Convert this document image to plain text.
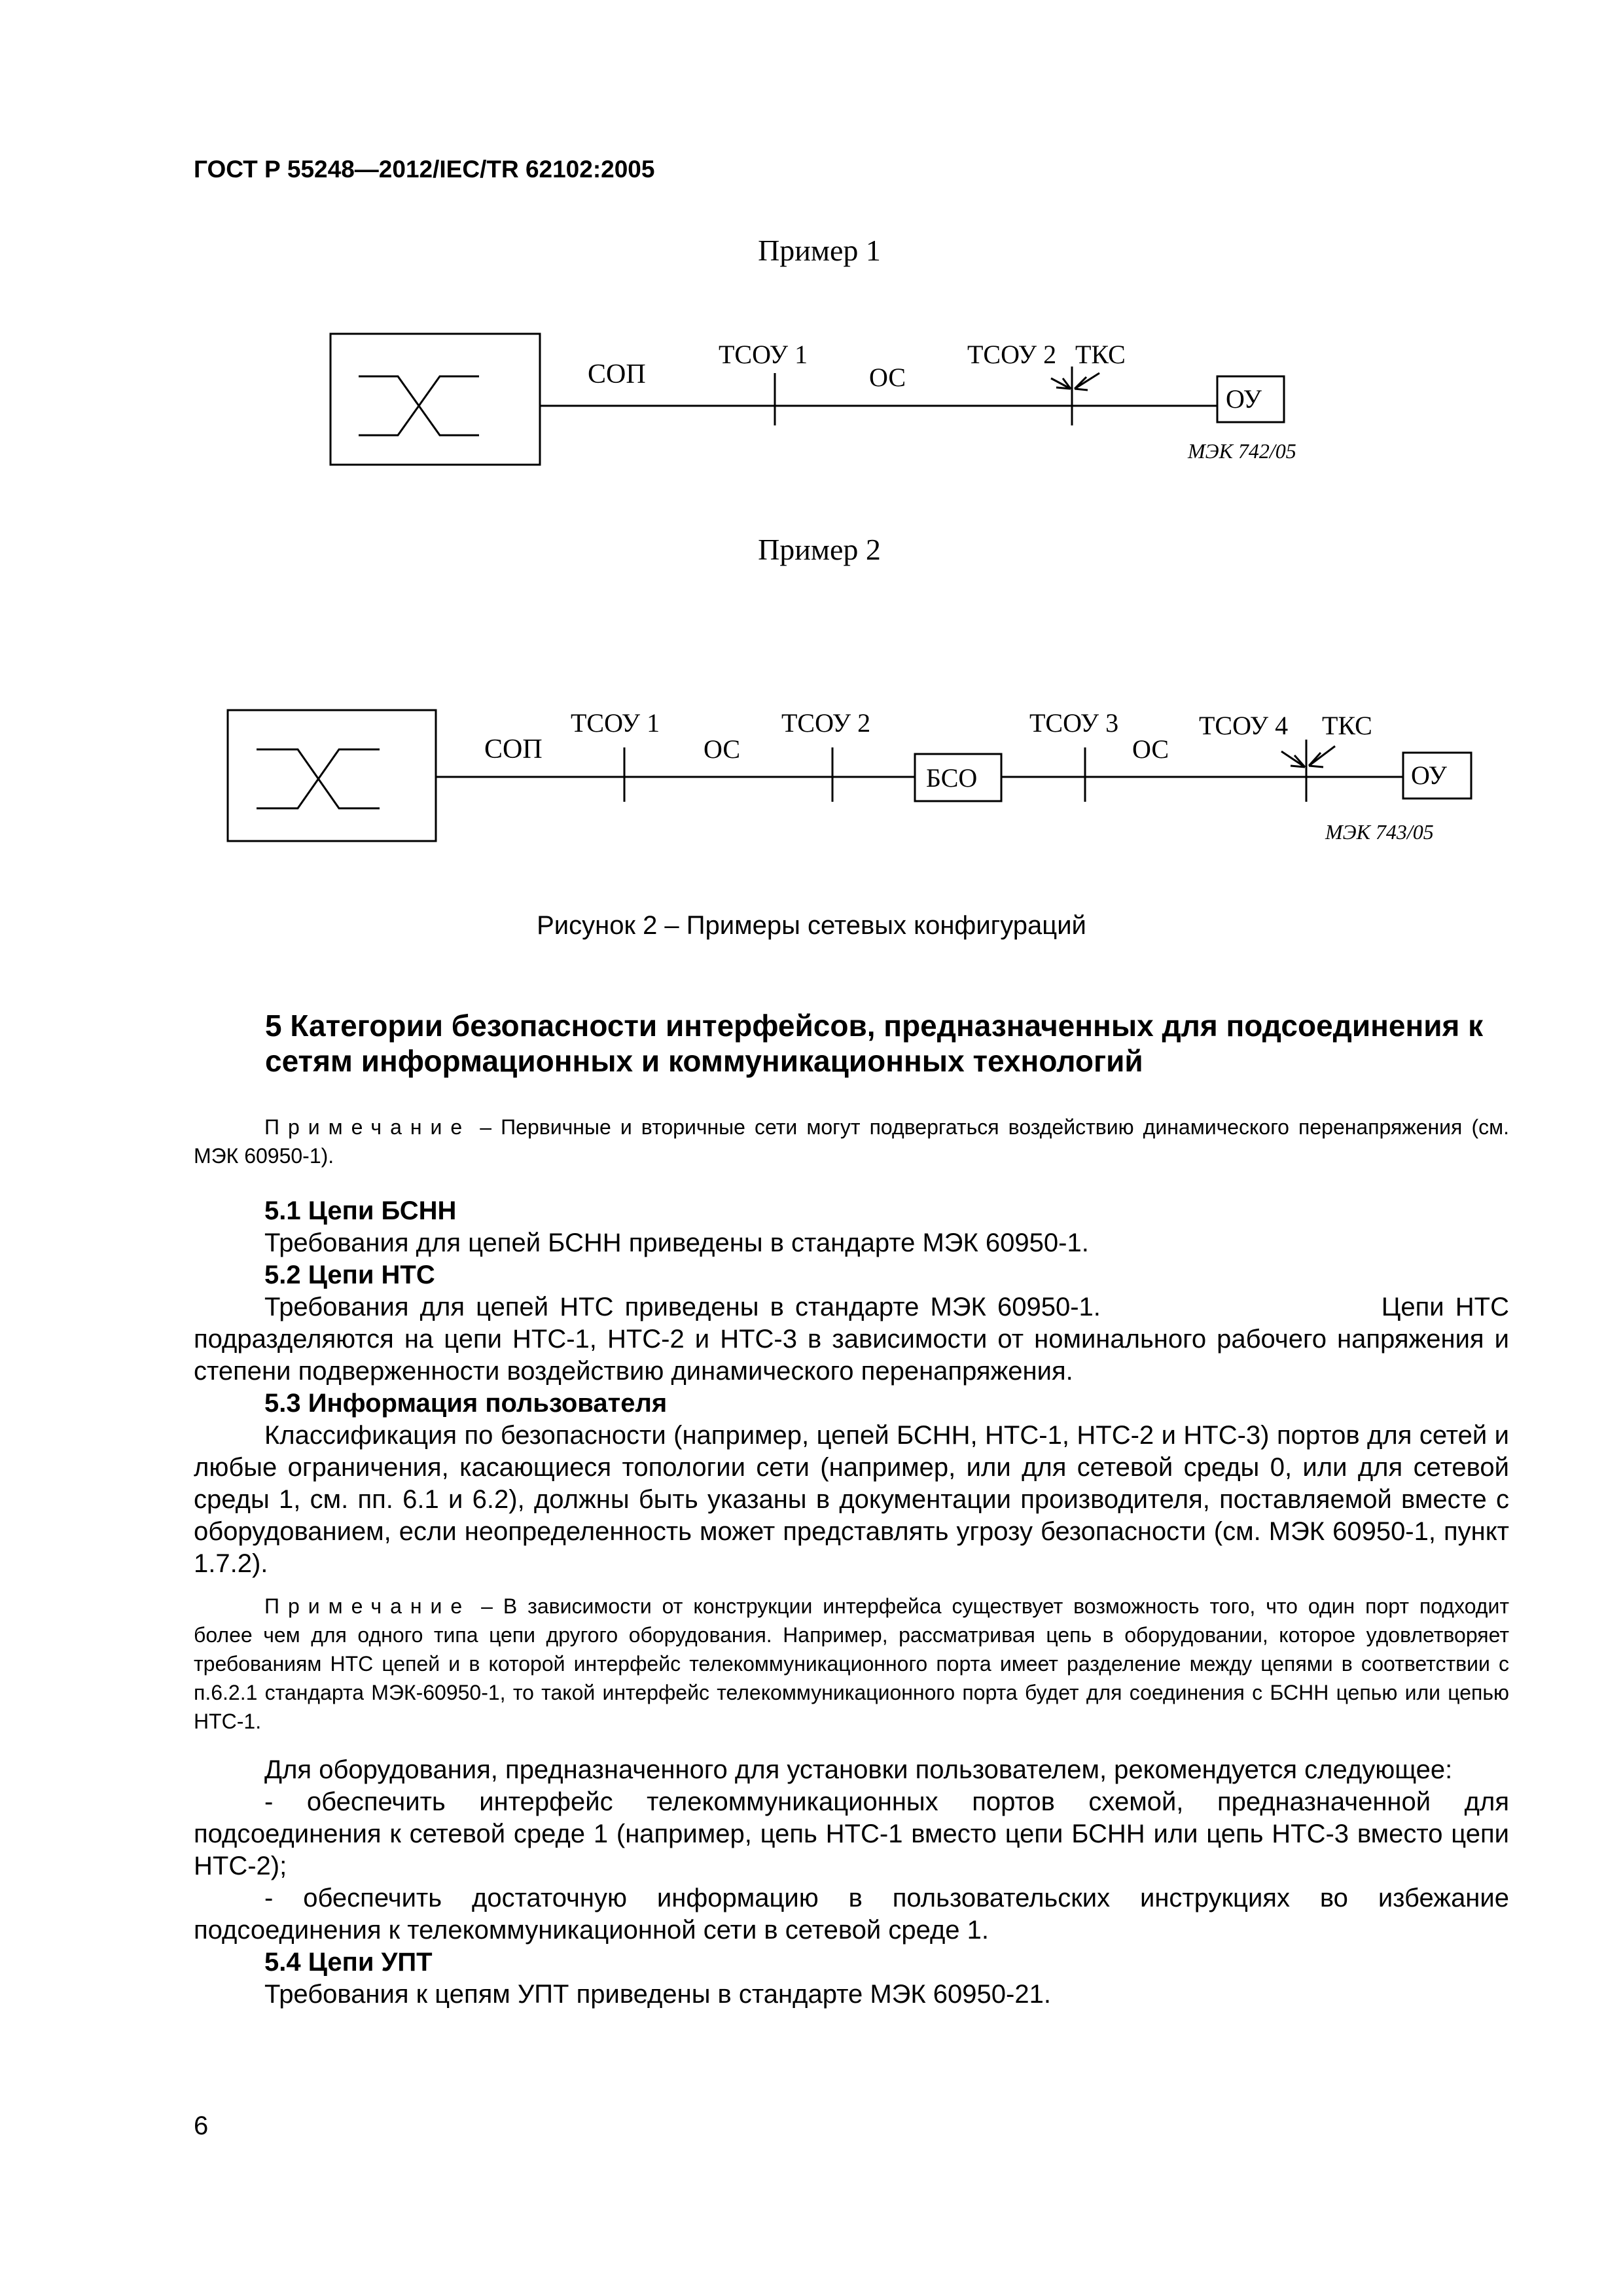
ГОСТ Р 55248—2012/IEC/TR 62102:2005
Пример 1
СОП
ТСОУ 1
ОС
ТСОУ 2 ТКС
ОУ
МЭК 742/05
Пример 2
СОП
ТСОУ 1
ОС
ТСОУ 2
БСО
ТСОУ 3
ОС
ТСОУ 4 ТКС
ОУ
МЭК 743/05
Рисунок 2 – Примеры сетевых конфигураций
5 Категории безопасности интерфейсов, предназначенных для подсоединения к сетям информационных и коммуникационных технологий

Примечание – Первичные и вторичные сети могут подвергаться воздействию динамического перенапряжения (см. МЭК 60950-1).

5.1 Цепи БСНН

Требования для цепей БСНН приведены в стандарте МЭК 60950-1.

5.2 Цепи НТС

Требования для цепей НТС приведены в стандарте МЭК 60950-1.                         Цепи НТС подразделяются на цепи НТС-1, НТС-2 и НТС-3 в зависимости от номинального рабочего напряжения и степени подверженности воздействию динамического перенапряжения.

5.3 Информация пользователя

Классификация по безопасности (например, цепей БСНН, НТС-1, НТС-2 и НТС-3) портов для сетей и любые ограничения, касающиеся топологии сети (например, или для сетевой среды 0, или для сетевой среды 1, см. пп. 6.1 и 6.2), должны быть указаны в документации производителя, поставляемой вместе с оборудованием, если неопределенность может представлять угрозу безопасности (см. МЭК 60950-1, пункт 1.7.2).

Примечание – В зависимости от конструкции интерфейса существует возможность того, что один порт подходит более чем для одного типа цепи другого оборудования. Например, рассматривая цепь в оборудовании, которое удовлетворяет требованиям НТС цепей и в которой интерфейс телекоммуникационного порта имеет разделение между цепями в соответствии с п.6.2.1 стандарта МЭК-60950-1, то такой интерфейс телекоммуникационного порта будет для соединения с БСНН цепью или цепью НТС-1.

Для оборудования, предназначенного для установки пользователем, рекомендуется следующее:

- обеспечить интерфейс телекоммуникационных портов схемой, предназначенной для подсоединения к сетевой среде 1 (например, цепь НТС-1 вместо цепи БСНН или цепь НТС-3 вместо цепи НТС-2);

- обеспечить достаточную информацию в пользовательских инструкциях во избежание подсоединения к телекоммуникационной сети в сетевой среде 1.

5.4 Цепи УПТ

Требования к цепям УПТ приведены в стандарте МЭК 60950-21.

6
